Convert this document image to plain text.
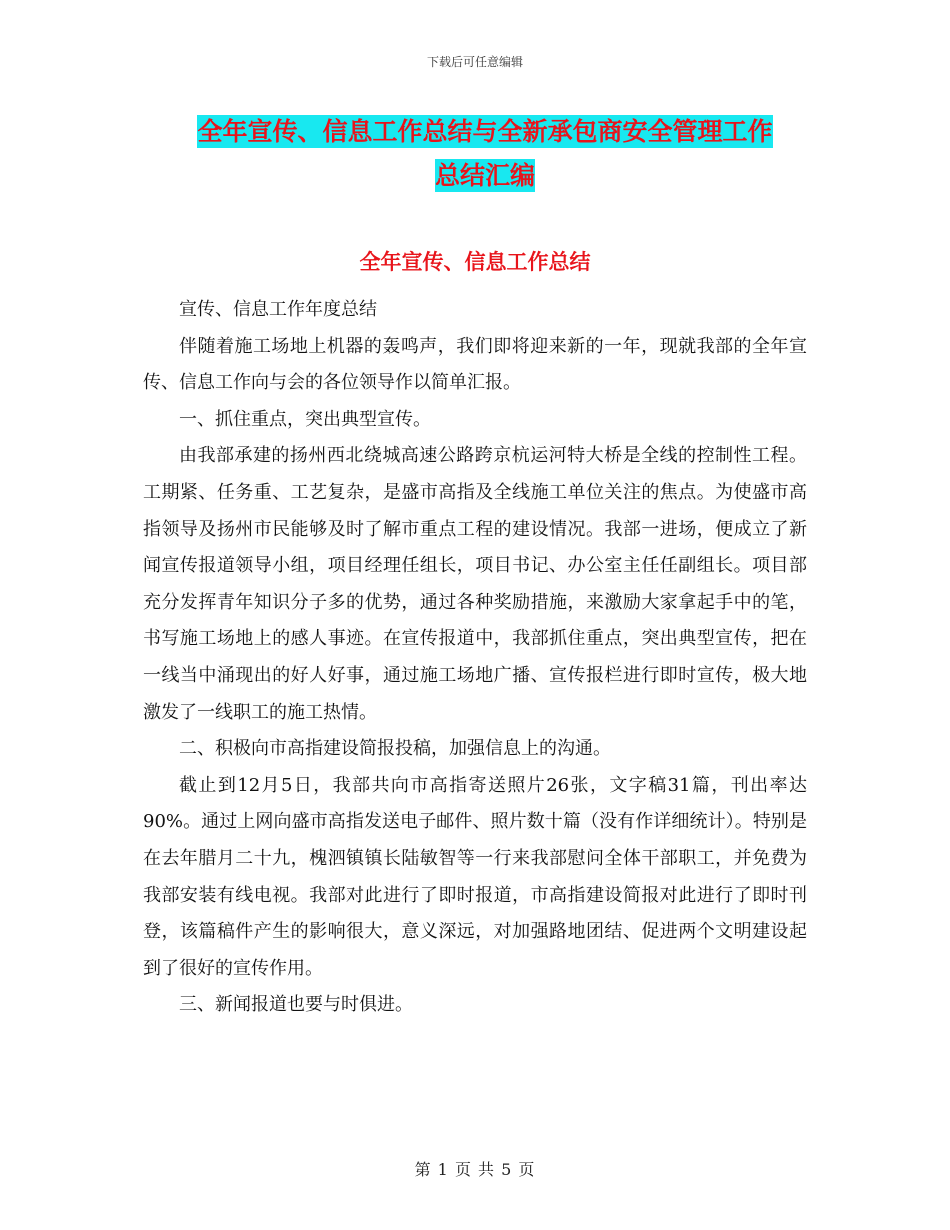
下载后可任意编辑
全年宣传、信息工作总结与全新承包商安全管理工作
总结汇编
全年宣传、信息工作总结

宣传、信息工作年度总结

伴随着施工场地上机器的轰鸣声，我们即将迎来新的一年，现就我部的全年宣传、信息工作向与会的各位领导作以简单汇报。

一、抓住重点，突出典型宣传。

由我部承建的扬州西北绕城高速公路跨京杭运河特大桥是全线的控制性工程。工期紧、任务重、工艺复杂，是盛市高指及全线施工单位关注的焦点。为使盛市高指领导及扬州市民能够及时了解市重点工程的建设情况。我部一进场，便成立了新闻宣传报道领导小组，项目经理任组长，项目书记、办公室主任任副组长。项目部充分发挥青年知识分子多的优势，通过各种奖励措施，来激励大家拿起手中的笔，书写施工场地上的感人事迹。在宣传报道中，我部抓住重点，突出典型宣传，把在一线当中涌现出的好人好事，通过施工场地广播、宣传报栏进行即时宣传，极大地激发了一线职工的施工热情。

二、积极向市高指建设简报投稿，加强信息上的沟通。

截止到12月5日，我部共向市高指寄送照片26张，文字稿31篇，刊出率达90%。通过上网向盛市高指发送电子邮件、照片数十篇（没有作详细统计）。特别是在去年腊月二十九，槐泗镇镇长陆敏智等一行来我部慰问全体干部职工，并免费为我部安装有线电视。我部对此进行了即时报道，市高指建设简报对此进行了即时刊登，该篇稿件产生的影响很大，意义深远，对加强路地团结、促进两个文明建设起到了很好的宣传作用。

三、新闻报道也要与时俱进。

第 1 页 共 5 页
